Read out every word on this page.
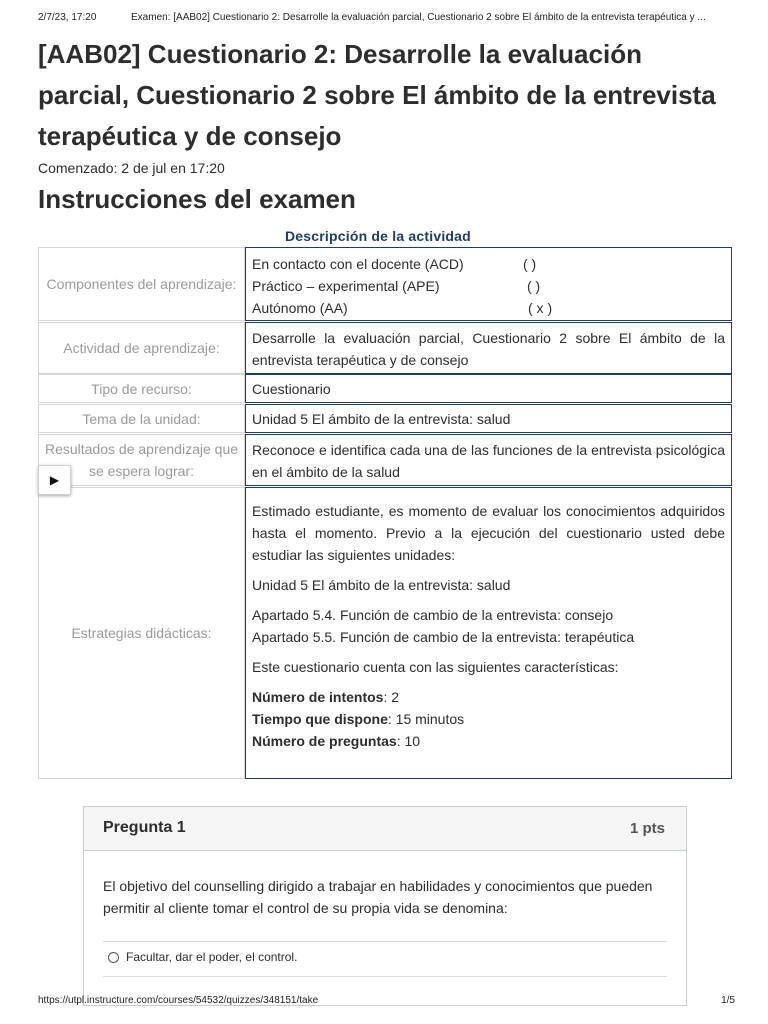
2/7/23, 17:20	Examen: [AAB02] Cuestionario 2: Desarrolle la evaluación parcial, Cuestionario 2 sobre El ámbito de la entrevista terapéutica y ...
[AAB02] Cuestionario 2: Desarrolle la evaluación parcial, Cuestionario 2 sobre El ámbito de la entrevista terapéutica y de consejo
Comenzado: 2 de jul en 17:20
Instrucciones del examen
Descripción de la actividad
Componentes del aprendizaje:
En contacto con el docente (ACD)	( )
Práctico – experimental (APE)	( )
Autónomo (AA)	( x )
Actividad de aprendizaje:
Desarrolle la evaluación parcial, Cuestionario 2 sobre El ámbito de la entrevista terapéutica y de consejo
Tipo de recurso:	Cuestionario
Tema de la unidad:	Unidad 5 El ámbito de la entrevista: salud
Resultados de aprendizaje que se espera lograr:
Reconoce e identifica cada una de las funciones de la entrevista psicológica en el ámbito de la salud
Estrategias didácticas:

Estimado estudiante, es momento de evaluar los conocimientos adquiridos hasta el momento. Previo a la ejecución del cuestionario usted debe estudiar las siguientes unidades:

Unidad 5 El ámbito de la entrevista: salud

Apartado 5.4. Función de cambio de la entrevista: consejo

Apartado 5.5. Función de cambio de la entrevista: terapéutica

Este cuestionario cuenta con las siguientes características:

Número de intentos: 2

Tiempo que dispone: 15 minutos

Número de preguntas: 10

▶
Pregunta 1	1 pts
El objetivo del counselling dirigido a trabajar en habilidades y conocimientos que pueden permitir al cliente tomar el control de su propia vida se denomina:
Facultar, dar el poder, el control.
https://utpl.instructure.com/courses/54532/quizzes/348151/take	1/5
